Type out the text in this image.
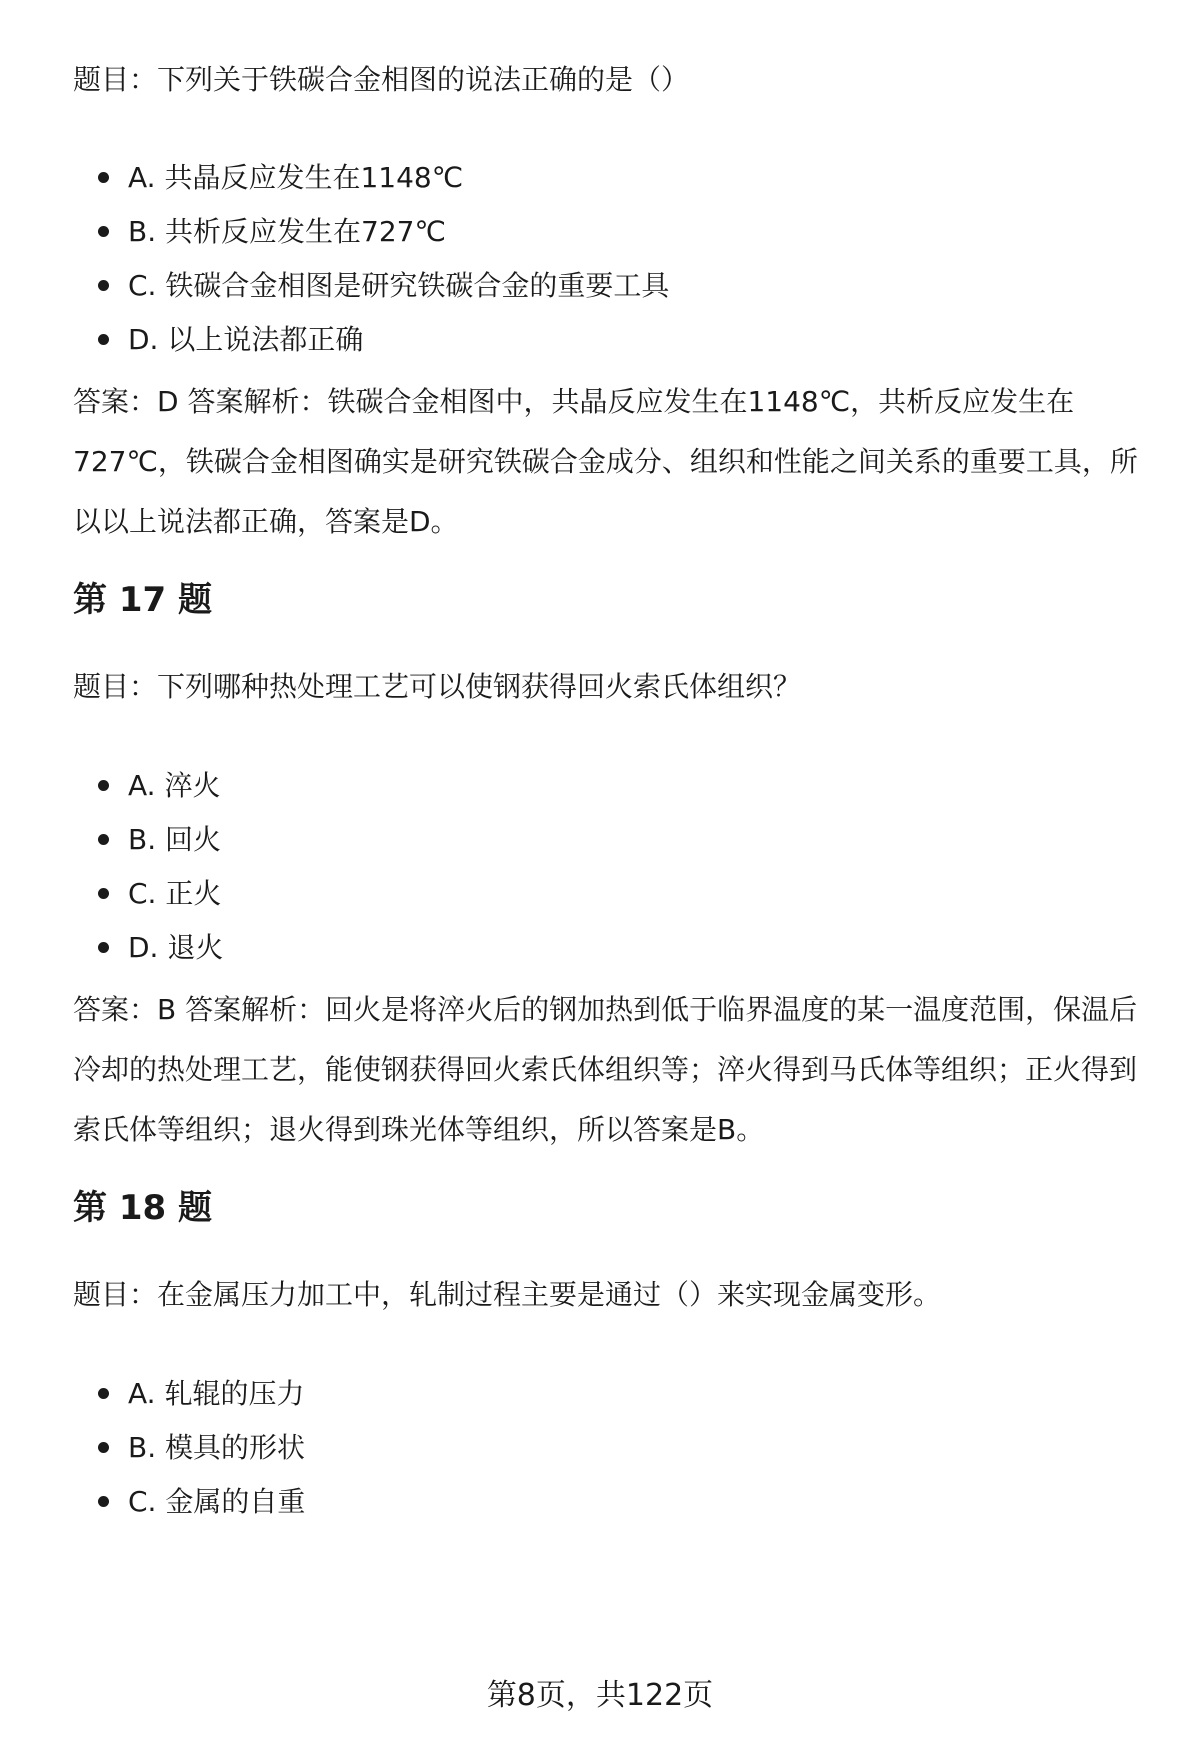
题目：下列关于铁碳合金相图的说法正确的是（）

A. 共晶反应发生在1148℃

B. 共析反应发生在727℃

C. 铁碳合金相图是研究铁碳合金的重要工具

D. 以上说法都正确

答案：D 答案解析：铁碳合金相图中，共晶反应发生在1148℃，共析反应发生在727℃，铁碳合金相图确实是研究铁碳合金成分、组织和性能之间关系的重要工具，所以以上说法都正确，答案是D。

第 17 题

题目：下列哪种热处理工艺可以使钢获得回火索氏体组织？

A. 淬火

B. 回火

C. 正火

D. 退火

答案：B 答案解析：回火是将淬火后的钢加热到低于临界温度的某一温度范围，保温后冷却的热处理工艺，能使钢获得回火索氏体组织等；淬火得到马氏体等组织；正火得到索氏体等组织；退火得到珠光体等组织，所以答案是B。

第 18 题

题目：在金属压力加工中，轧制过程主要是通过（）来实现金属变形。

A. 轧辊的压力

B. 模具的形状

C. 金属的自重

第8页，共122页
